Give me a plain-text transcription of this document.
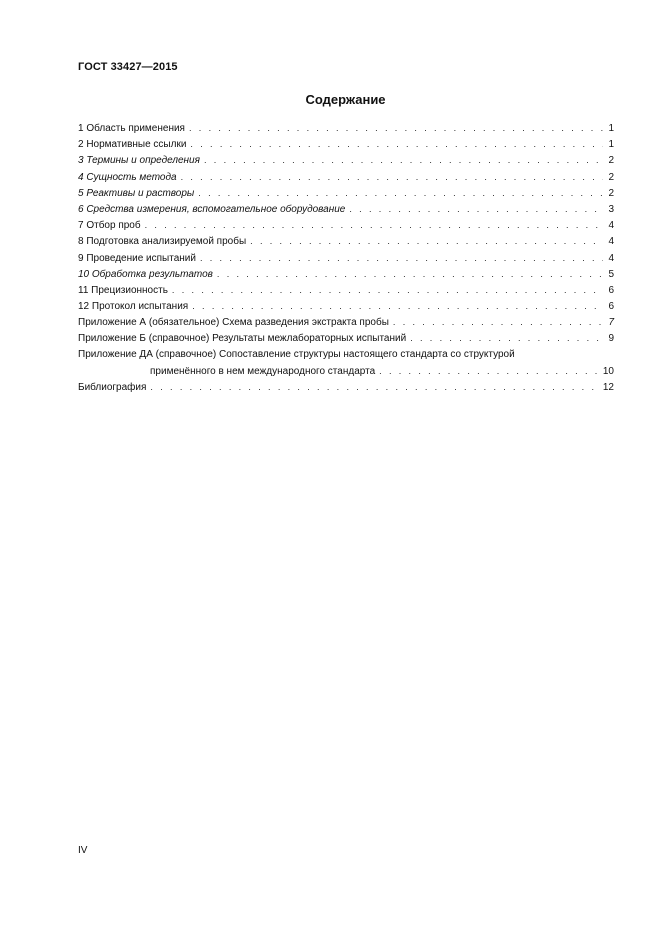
ГОСТ 33427—2015
Содержание
1 Область применения . . .	1
2 Нормативные ссылки . . .	1
3 Термины и определения . . .	2
4 Сущность метода . . .	2
5 Реактивы и растворы . . .	2
6 Средства измерения, вспомогательное оборудование . . .	3
7 Отбор проб . . .	4
8 Подготовка анализируемой пробы . . .	4
9 Проведение испытаний . . .	4
10 Обработка результатов . . .	5
11 Прецизионность . . .	6
12 Протокол испытания . . .	6
Приложение А (обязательное) Схема разведения экстракта пробы . . .	7
Приложение Б (справочное) Результаты межлабораторных испытаний . . .	9
Приложение ДА (справочное) Сопоставление структуры настоящего стандарта со структурой
применённого в нем международного стандарта . . .	10
Библиография . . .	12
IV
